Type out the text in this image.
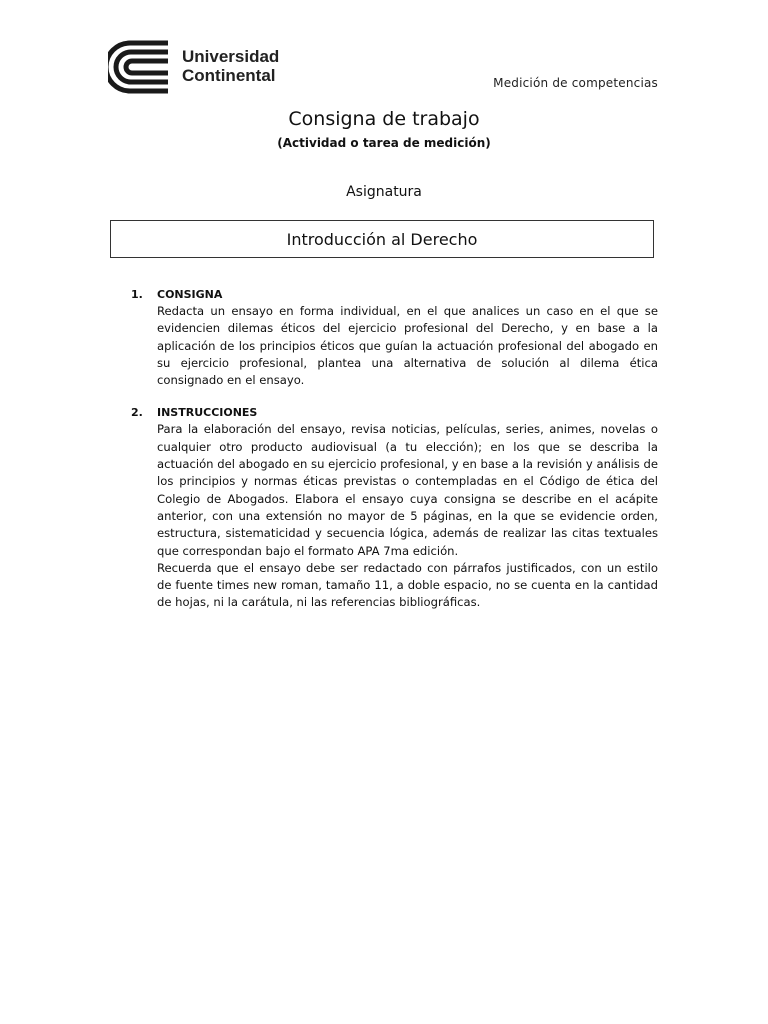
Universidad
Continental	Medición de competencias
Consigna de trabajo
(Actividad o tarea de medición)
Asignatura
Introducción al Derecho
1. CONSIGNA

Redacta un ensayo en forma individual, en el que analices un caso en el que se evidencien dilemas éticos del ejercicio profesional del Derecho, y en base a la aplicación de los principios éticos que guían la actuación profesional del abogado en su ejercicio profesional, plantea una alternativa de solución al dilema ética consignado en el ensayo.

2. INSTRUCCIONES

Para la elaboración del ensayo, revisa noticias, películas, series, animes, novelas o cualquier otro producto audiovisual (a tu elección); en los que se describa la actuación del abogado en su ejercicio profesional, y en base a la revisión y análisis de los principios y normas éticas previstas o contempladas en el Código de ética del Colegio de Abogados. Elabora el ensayo cuya consigna se describe en el acápite anterior, con una extensión no mayor de 5 páginas, en la que se evidencie orden, estructura, sistematicidad y secuencia lógica, además de realizar las citas textuales que correspondan bajo el formato APA 7ma edición.

Recuerda que el ensayo debe ser redactado con párrafos justificados, con un estilo de fuente times new roman, tamaño 11, a doble espacio, no se cuenta en la cantidad de hojas, ni la carátula, ni las referencias bibliográficas.
